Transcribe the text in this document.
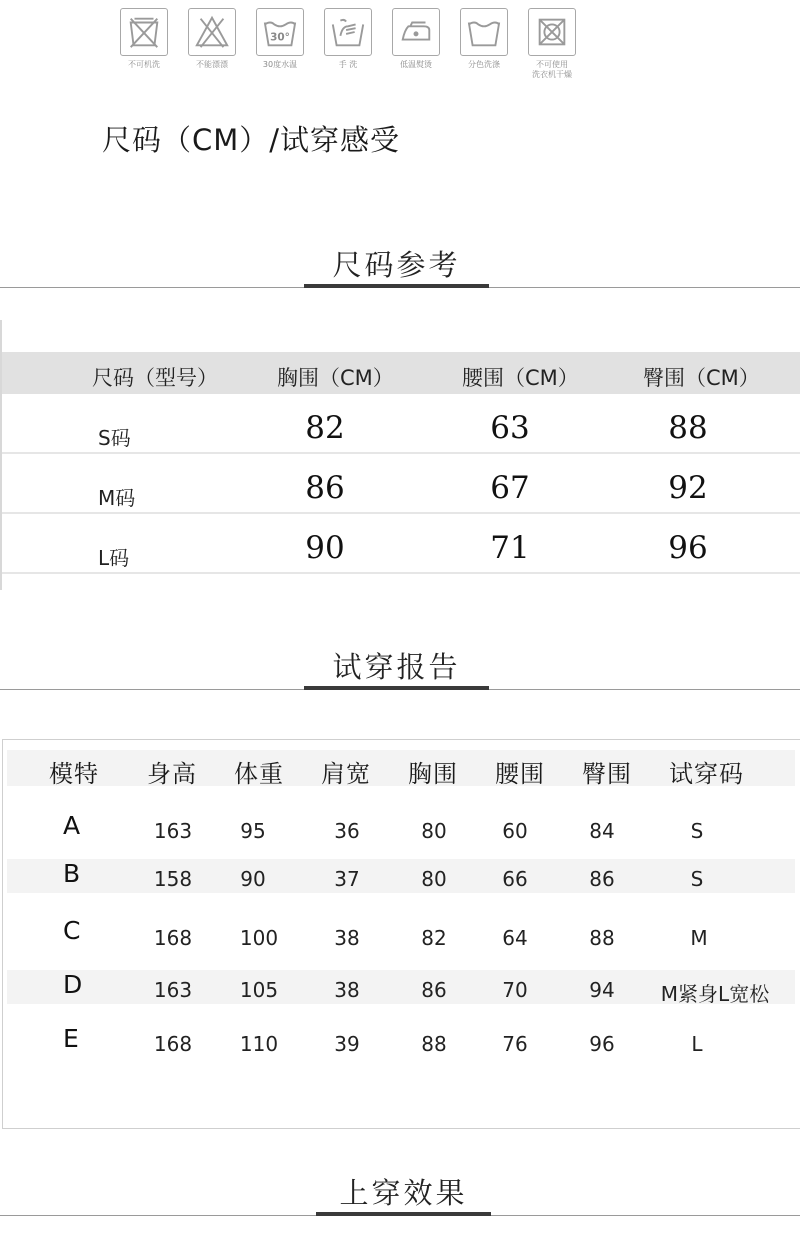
不可机洗	不能漂漂
30°
30度水温	手 洗	低温熨烫	分色洗涤	不可使用
洗衣机干燥
尺码（CM）/试穿感受
尺码参考
尺码（型号）	胸围（CM）	腰围（CM）	臀围（CM）
S码	82	63	88
M码	86	67	92
L码	90	71	96
试穿报告
模特 身高 体重 肩宽 胸围 腰围 臀围 试穿码
A	163	95	36	80	60	84	S
B	158	90	37	80	66	86	S
C	168	100	38	82	64	88	M
D	163	105	38	86	70	94	M紧身L宽松
E	168	110	39	88	76	96	L
上穿效果
